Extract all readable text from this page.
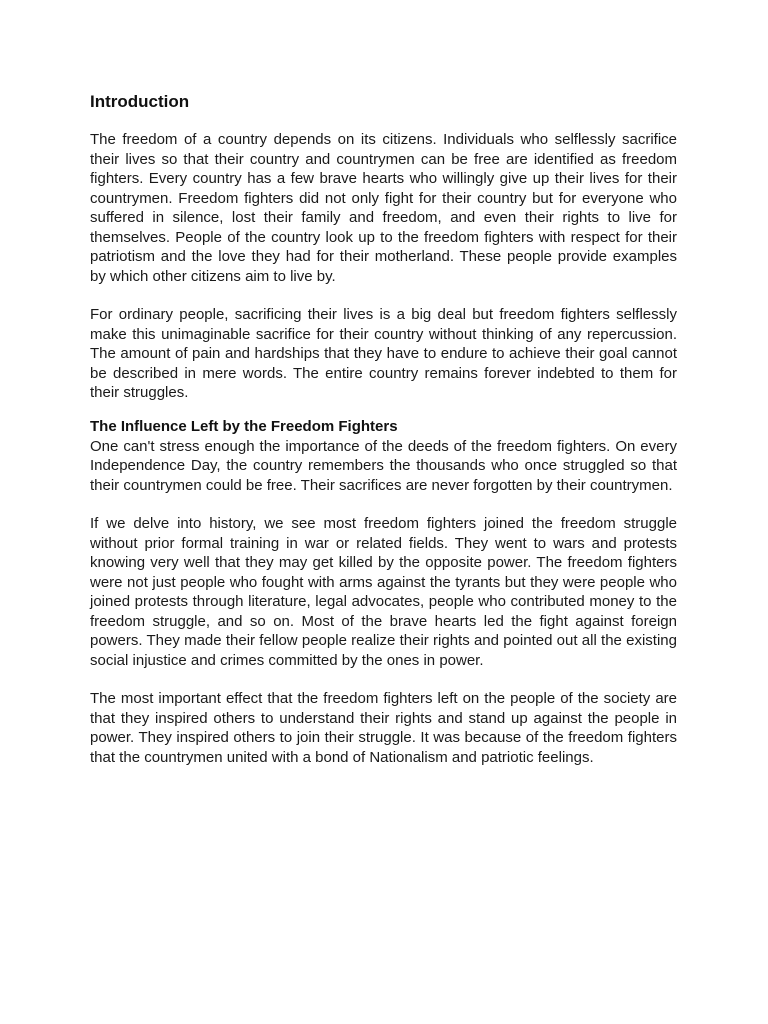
Introduction

The freedom of a country depends on its citizens. Individuals who selflessly sacrifice their lives so that their country and countrymen can be free are identified as freedom fighters. Every country has a few brave hearts who willingly give up their lives for their countrymen. Freedom fighters did not only fight for their country but for everyone who suffered in silence, lost their family and freedom, and even their rights to live for themselves. People of the country look up to the freedom fighters with respect for their patriotism and the love they had for their motherland. These people provide examples by which other citizens aim to live by.

For ordinary people, sacrificing their lives is a big deal but freedom fighters selflessly make this unimaginable sacrifice for their country without thinking of any repercussion. The amount of pain and hardships that they have to endure to achieve their goal cannot be described in mere words. The entire country remains forever indebted to them for their struggles.

The Influence Left by the Freedom Fighters

One can't stress enough the importance of the deeds of the freedom fighters. On every Independence Day, the country remembers the thousands who once struggled so that their countrymen could be free. Their sacrifices are never forgotten by their countrymen.

If we delve into history, we see most freedom fighters joined the freedom struggle without prior formal training in war or related fields. They went to wars and protests knowing very well that they may get killed by the opposite power. The freedom fighters were not just people who fought with arms against the tyrants but they were people who joined protests through literature, legal advocates, people who contributed money to the freedom struggle, and so on. Most of the brave hearts led the fight against foreign powers. They made their fellow people realize their rights and pointed out all the existing social injustice and crimes committed by the ones in power.

The most important effect that the freedom fighters left on the people of the society are that they inspired others to understand their rights and stand up against the people in power. They inspired others to join their struggle. It was because of the freedom fighters that the countrymen united with a bond of Nationalism and patriotic feelings.
